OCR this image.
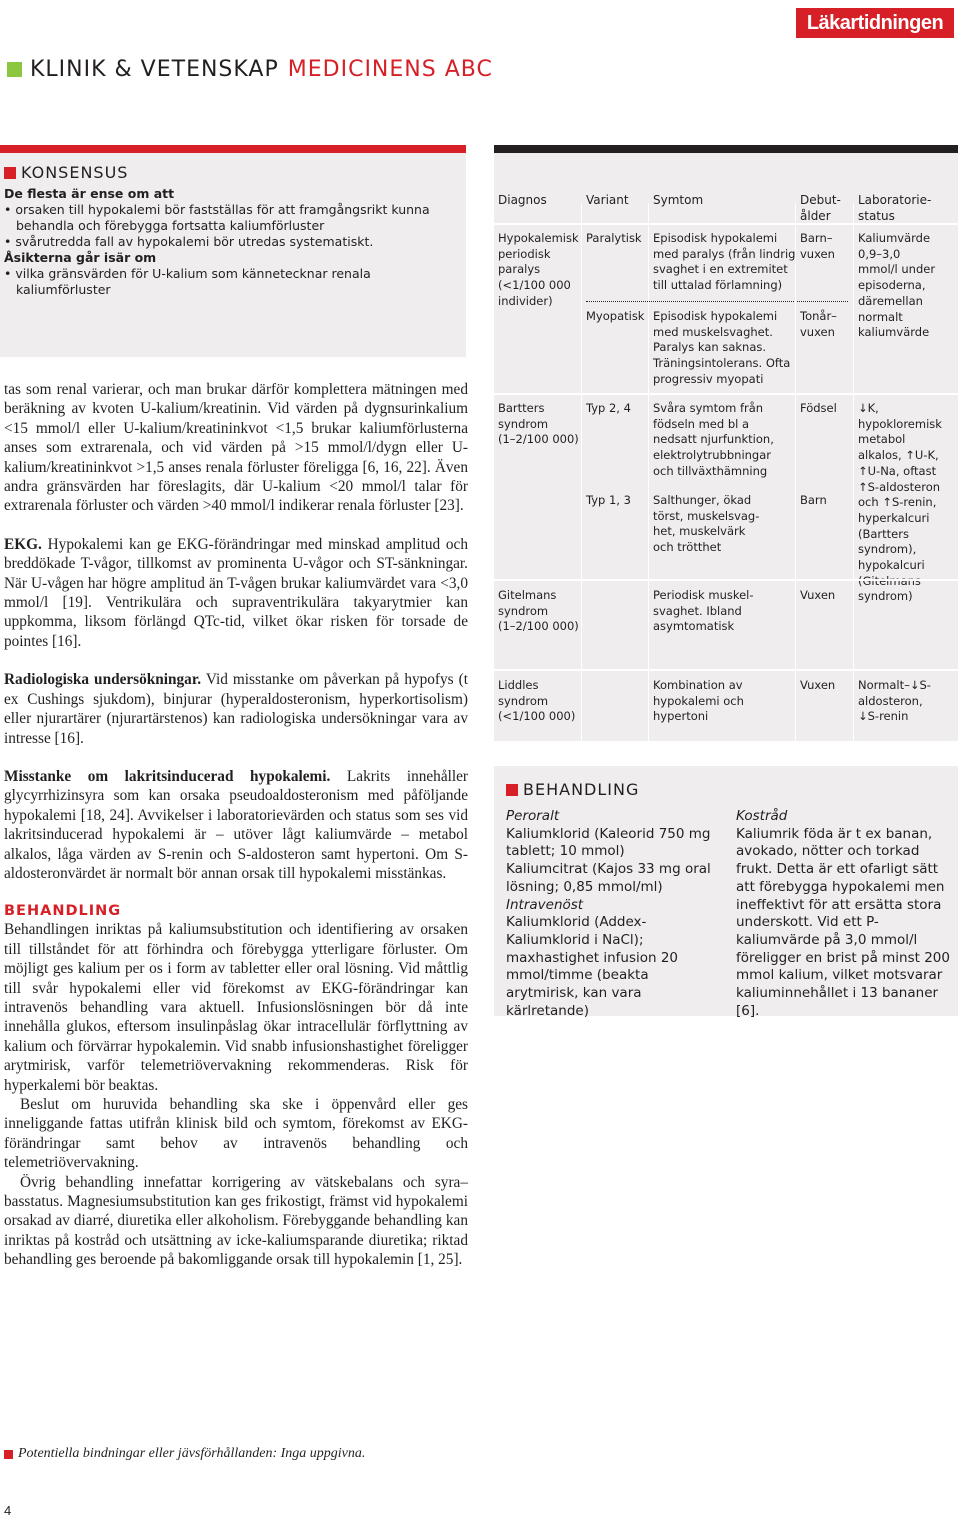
Läkartidningen
KLINIK & VETENSKAP MEDICINENS ABC
KONSENSUS
De flesta är ense om att
• orsaken till hypokalemi bör fastställas för att framgångsrikt kunna behandla och förebygga fortsatta kaliumförluster
• svårutredda fall av hypokalemi bör utredas systematiskt.
Åsikterna går isär om
• vilka gränsvärden för U-kalium som kännetecknar renala kaliumförluster

tas som renal varierar, och man brukar därför komplettera mätningen med beräkning av kvoten U-kalium/kreatinin. Vid värden på dygnsurinkalium <15 mmol/l eller U-kalium/kreatininkvot <1,5 brukar kaliumförlusterna anses som extrarenala, och vid värden på >15 mmol/l/dygn eller U-kalium/kreatininkvot >1,5 anses renala förluster föreligga [6, 16, 22]. Även andra gränsvärden har föreslagits, där U-kalium <20 mmol/l talar för extrarenala förluster och värden >40 mmol/l indikerar renala förluster [23].

EKG. Hypokalemi kan ge EKG-förändringar med minskad amplitud och breddökade T-vågor, tillkomst av prominenta U-vågor och ST-sänkningar. När U-vågen har högre amplitud än T-vågen brukar kaliumvärdet vara <3,0 mmol/l [19]. Ventrikulära och supraventrikulära takyarytmier kan uppkomma, liksom förlängd QTc-tid, vilket ökar risken för torsade de pointes [16].

Radiologiska undersökningar. Vid misstanke om påverkan på hypofys (t ex Cushings sjukdom), binjurar (hyperaldosteronism, hyperkortisolism) eller njurartärer (njurartärstenos) kan radiologiska undersökningar vara av intresse [16].

Misstanke om lakritsinducerad hypokalemi. Lakrits innehåller glycyrrhizinsyra som kan orsaka pseudoaldosteronism med påföljande hypokalemi [18, 24]. Avvikelser i laboratorievärden och status som ses vid lakritsinducerad hypokalemi är – utöver lågt kaliumvärde – metabol alkalos, låga värden av S-renin och S-aldosteron samt hypertoni. Om S-aldosteronvärdet är normalt bör annan orsak till hypokalemi misstänkas.

BEHANDLING

Behandlingen inriktas på kaliumsubstitution och identifiering av orsaken till tillståndet för att förhindra och förebygga ytterligare förluster. Om möjligt ges kalium per os i form av tabletter eller oral lösning. Vid måttlig till svår hypokalemi eller vid förekomst av EKG-förändringar kan intravenös behandling vara aktuell. Infusionslösningen bör då inte innehålla glukos, eftersom insulinpåslag ökar intracellulär förflyttning av kalium och förvärrar hypokalemin. Vid snabb infusionshastighet föreligger arytmirisk, varför telemetriövervakning rekommenderas. Risk för hyperkalemi bör beaktas.

Beslut om huruvida behandling ska ske i öppenvård eller ges inneliggande fattas utifrån klinisk bild och symtom, förekomst av EKG-förändringar samt behov av intravenös behandling och telemetriövervakning.

Övrig behandling innefattar korrigering av vätskebalans och syra–basstatus. Magnesiumsubstitution kan ges frikostigt, främst vid hypokalemi orsakad av diarré, diuretika eller alkoholism. Förebyggande behandling kan inriktas på kostråd och utsättning av icke-kaliumsparande diuretika; riktad behandling ges beroende på bakomliggande orsak till hypokalemin [1, 25].

Potentiella bindningar eller jävsförhållanden: Inga uppgivna.
4
Diagnos	Variant Symtom	Debut-
ålder
Laboratorie-
status
Hypokalemisk
periodisk
paralys
(<1/100 000
individer)
Paralytisk Episodisk hypokalemi
med paralys (från lindrig
svaghet i en extremitet
till uttalad förlamning)
Barn–
vuxen
Kaliumvärde
0,9–3,0
mmol/l under
episoderna,
däremellan
normalt
kaliumvärde
Myopatisk Episodisk hypokalemi
med muskelsvaghet.
Paralys kan saknas.
Träningsintolerans. Ofta
progressiv myopati
Tonår–
vuxen
Bartters
syndrom
(1–2/100 000)
Typ 2, 4 Svåra symtom från
födseln med bl a
nedsatt njurfunktion,
elektrolytrubbningar
och tillväxthämning
Födsel ↓K,
hypokloremisk
metabol
alkalos, ↑U-K,
↑U-Na, oftast
↑S-aldosteron
och ↑S-renin,
hyperkalcuri
(Bartters
syndrom),
hypokalcuri

syndrom)
Typ 1, 3 Salthunger, ökad
törst, muskelsvag-
het, muskelvärk
och trötthet
Barn
Gitelmans
syndrom
(1–2/100 000)
Periodisk muskel-
svaghet. Ibland
asymtomatisk
Vuxen
Liddles
syndrom
(<1/100 000)
Kombination av
hypokalemi och
hypertoni
Vuxen Normalt–↓S-
aldosteron,
↓S-renin
BEHANDLING
Peroralt
Kaliumklorid (Kaleorid 750 mg tablett; 10 mmol)
Kaliumcitrat (Kajos 33 mg oral lösning; 0,85 mmol/ml)
Intravenöst
Kaliumklorid (Addex-Kaliumklorid i NaCl); maxhastighet infusion 20 mmol/timme (beakta arytmirisk, kan vara kärlretande)
Kostråd
Kaliumrik föda är t ex banan, avokado, nötter och torkad frukt. Detta är ett ofarligt sätt att förebygga hypokalemi men ineffektivt för att ersätta stora underskott. Vid ett P-kaliumvärde på 3,0 mmol/l föreligger en brist på minst 200 mmol kalium, vilket motsvarar kaliuminnehållet i 13 bananer [6].
